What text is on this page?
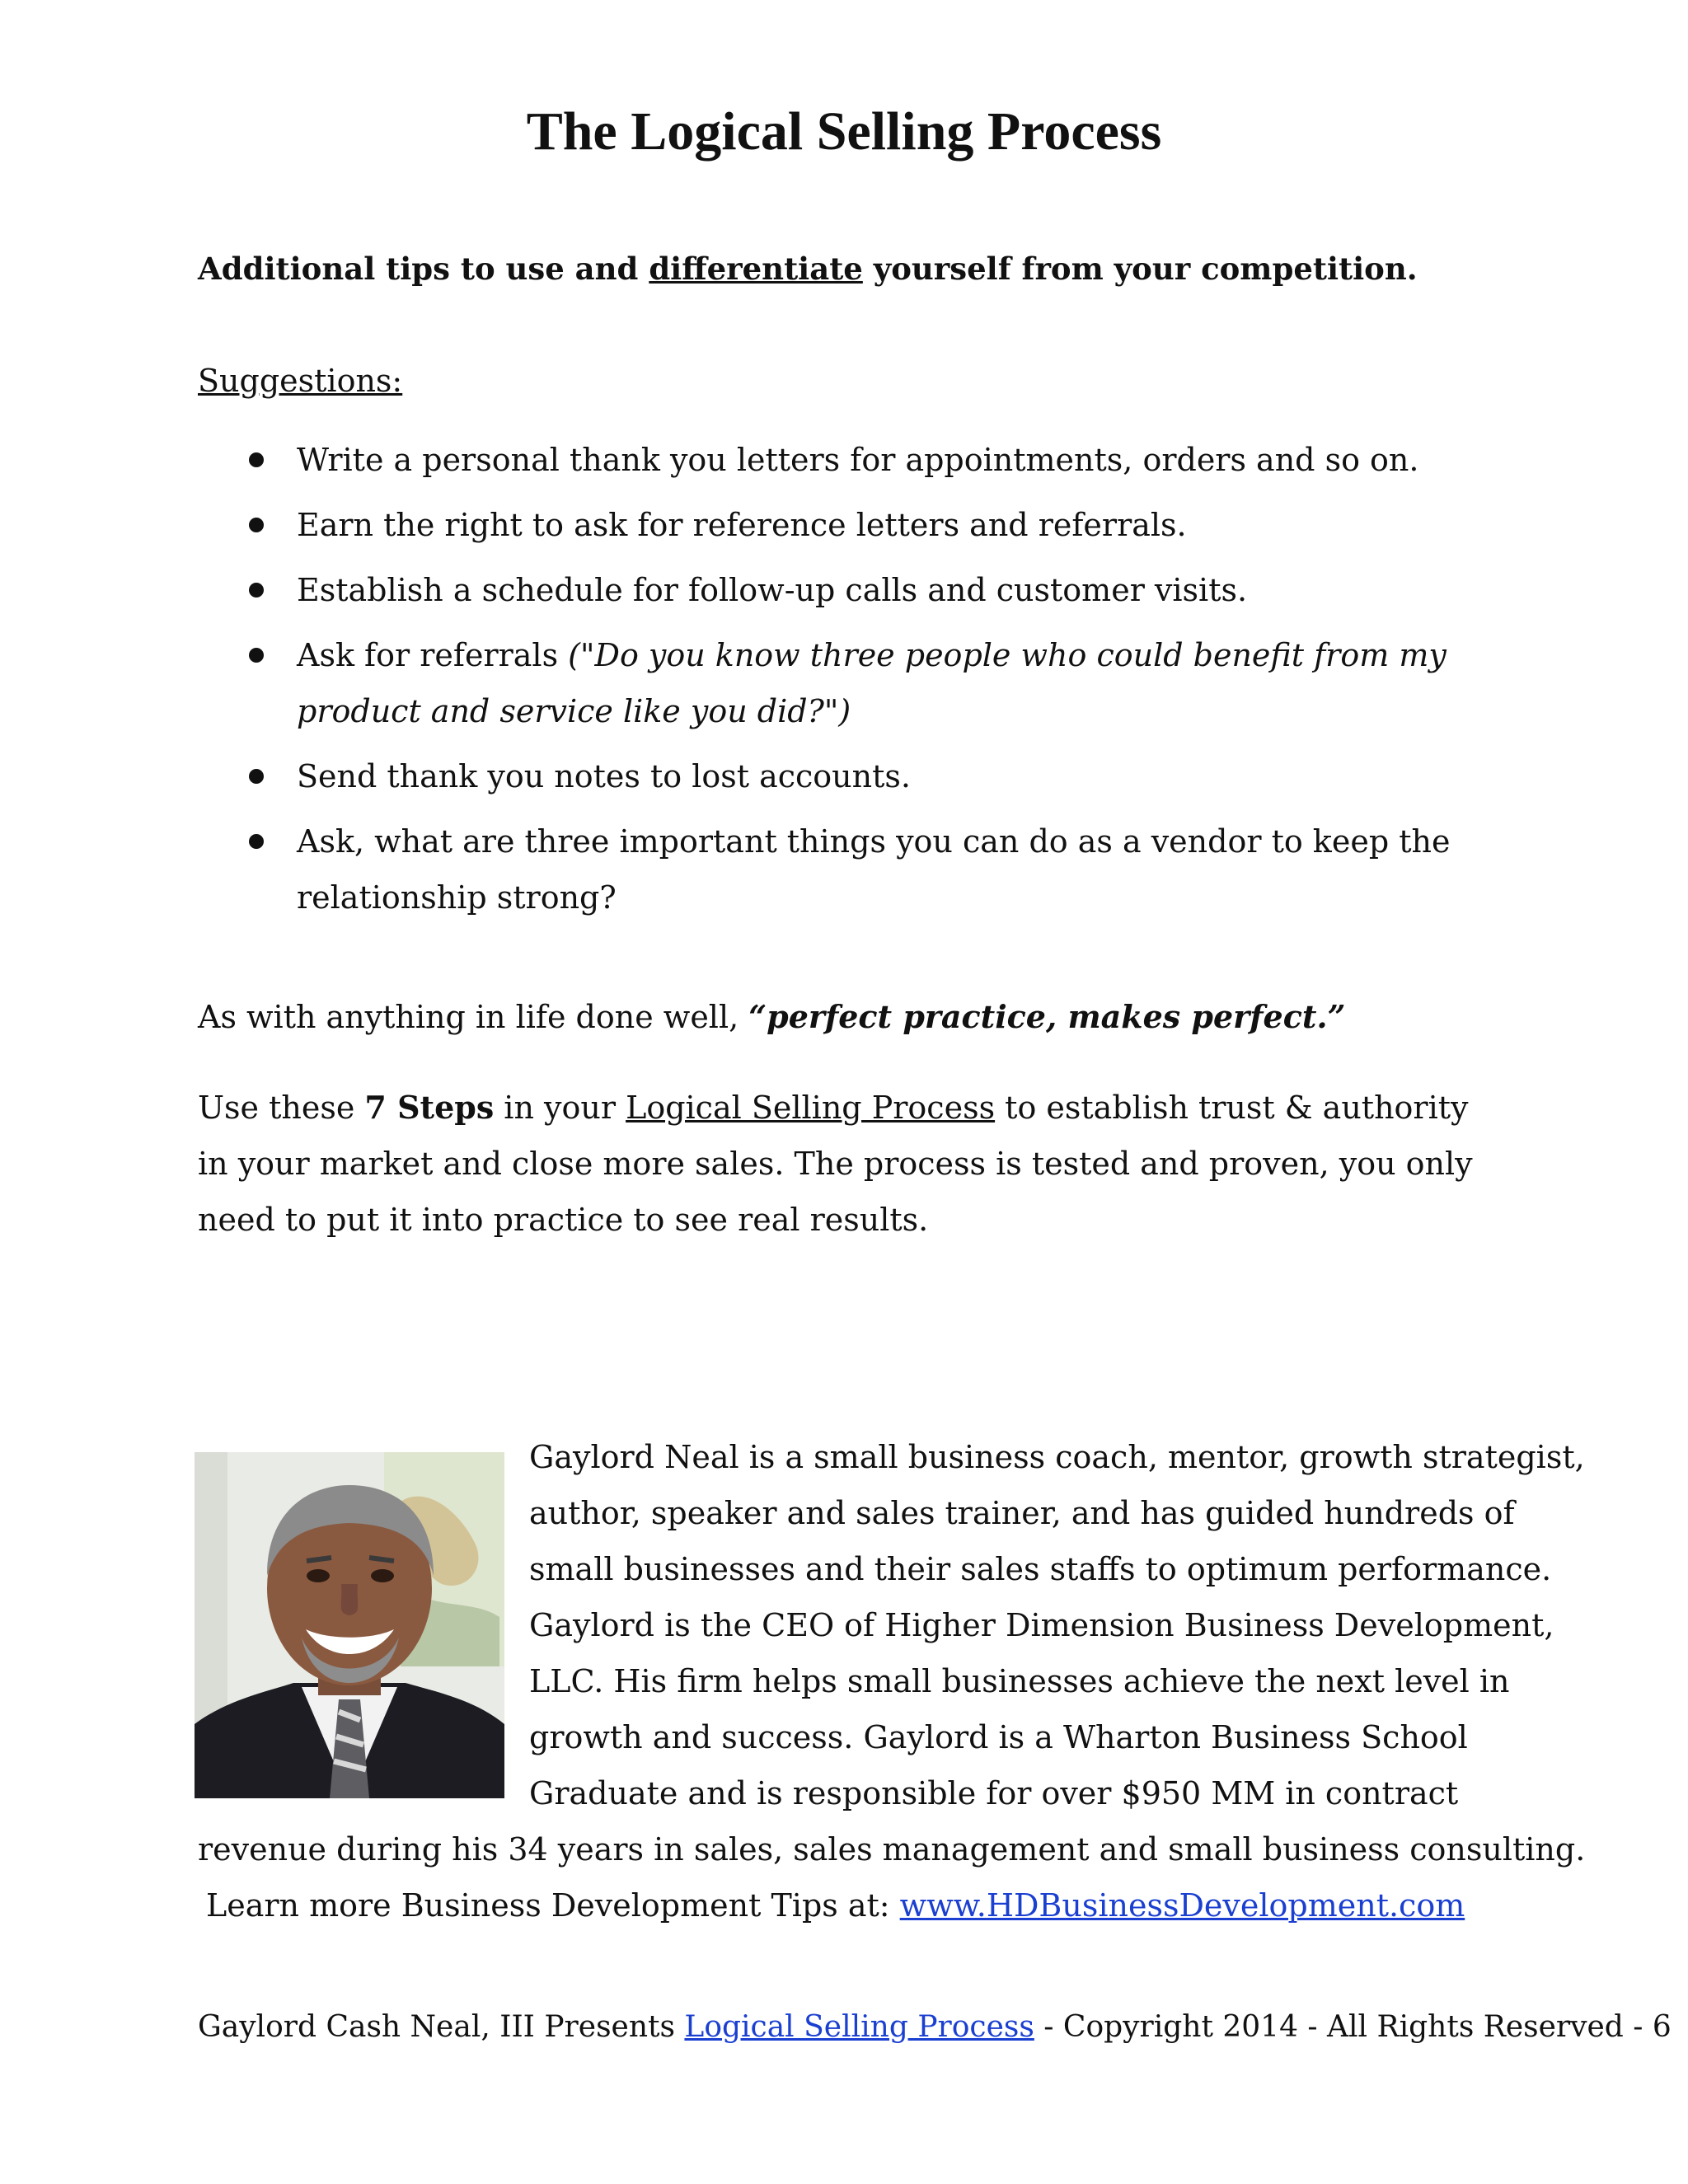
The Logical Selling Process
Additional tips to use and differentiate yourself from your competition.
Suggestions:
Write a personal thank you letters for appointments, orders and so on.
Earn the right to ask for reference letters and referrals.
Establish a schedule for follow-up calls and customer visits.
Ask for referrals ("Do you know three people who could benefit from my product and service like you did?")
Send thank you notes to lost accounts.
Ask, what are three important things you can do as a vendor to keep the relationship strong?
As with anything in life done well, “perfect practice, makes perfect.”
Use these 7 Steps in your Logical Selling Process to establish trust & authority in your market and close more sales. The process is tested and proven, you only need to put it into practice to see real results.
Gaylord Neal is a small business coach, mentor, growth strategist,
author, speaker and sales trainer, and has guided hundreds of
small businesses and their sales staffs to optimum performance.
Gaylord is the CEO of Higher Dimension Business Development,
LLC. His firm helps small businesses achieve the next level in
growth and success. Gaylord is a Wharton Business School
Graduate and is responsible for over $950 MM in contract
revenue during his 34 years in sales, sales management and small business consulting.
Learn more Business Development Tips at: www.HDBusinessDevelopment.com
Gaylord Cash Neal, III Presents Logical Selling Process - Copyright 2014 - All Rights Reserved - 6
